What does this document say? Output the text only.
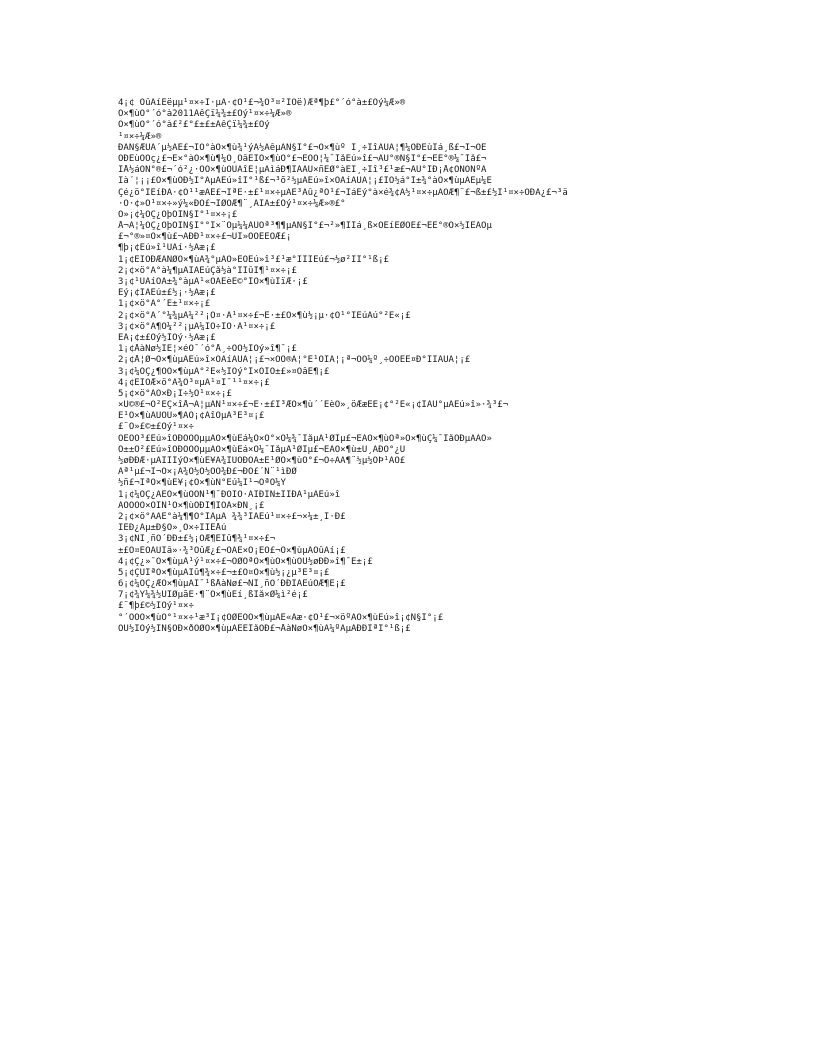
4¡¢ ÕûÀíÈëµµ¹¤×÷Ï·µÄ·¢Õ¹£¬¾Ò³¤²ÎÓë)Æª¶þ£°´ó°à±£Óý¼Æ»®
Ó×¶ùÔ°´ó°à2011ÄêÇï¼¾±£Óý¹¤×÷¼Æ»®
Ó×¶ùÔ°´ó°à£²£°£±£±ÄêÇï¼¾±£Óý
¹¤×÷¼Æ»®
ÐÂÑ§ÆÚÀ´µ½ÁË£¬ÎÒ°àÓ×¶ù¾¹ýÁ½ÄêµÄÑ§Ï°£¬Ó×¶ùº Í¸÷ÏîÄÜÁ¦¶¼ÓÐËùÌá¸ß£¬Ì¬ÒÉ
ÓÐËùÒÖç¿£¬Ë×°àÓ×¶ù¶¼Ò¸ÒâÈÎÓ×¶ùÔ°£¬ÈÕÓ¦¼¯ÌåÉú»î£¬ÄÜ°®Ñ§Ï°£¬ÈË°®¼¯Ìå£¬
ÍÅ½áÓÑ°®£¬´ó²¿·ÖÓ×¶ùÓÚÂîË¦µÄìáÐ¶ÏÂÄÜ×ñÊØ°àËÌ¸÷Ïî³£¹æ£¬ÄÜ°ÍÐ¡Å¢ÓÑÓÑºÃ
Ïà´¦¡¡£Ó×¶ùÓÐ½Ï°ÃµÄÉú»îÏ°¹ß£¬³õ²½µÄÉú»î×ÔÀíÄÜÁ¦¡£ÎÒ½á°Ï±¾°àÓ×¶ùµÄÊµ¼Ê
Çé¿ö°ÍÉíÐÄ·¢Õ¹¹æÂÉ£¬ÌªÈ·±£¹¤×÷µÄË³Àû¿ªÕ¹£¬ÌáÉý°à×é¾¢Á½¹¤×÷µÄÖÆ¶¨£¬ß±£½Ï¹¤×÷ÓÐÂ¿£¬³ä
·Ö·¢»Ó¹¤×÷»ý¼«ÐÔ£¬ÌØÖÆ¶¨¸ÃÏÄ±£Óý¹¤×÷¼Æ»®£°
Ò»¡¢¼ÓÇ¿ÕþÖÎÑ§Ï°¹¤×÷¡£
Å¬Á¦¼ÓÇ¿ÕþÖÎÑ§Ï°°Í×¨Òµ¼¼ÄÜÖª³¶¶µÄÑ§Ï°£¬²»¶ÏÌá¸ß×ÔÉíËØÖÊ£¬ÈÈ°®Ó×½ÌÊÂÒµ
£¬°®»¤Ó×¶ù£¬ÀÐÐ¹¤×÷£¬ÚÍ»ÓÒÈÊÖÆ£¡
¶þ¡¢Éú»î¹ÜÀí·½Ãæ¡£
1¡¢ËÍÓÐÆÀÑØÓ×¶ùÀ¾°µÄÒ»ÈÖÉú»î³£¹æ°ÍÍÌÉú£¬½ø²ÍÍ°¹ß¡£
2¡¢×ö°Ã°à¼¶µÄÌÀÉúÇå½à°ÍÍûÍ¶¹¤×÷¡£
3¡¢¹ÜÀíÕÃ±¾°àµÄ¹«ÓÃÉèÊ©°ÍÓ×¶ùÎïÆ·¡£
Èý¡¢ÎÀÉú±£½¡·½Ãæ¡£
1¡¢×ö°Ã°´Ê±¹¤×÷¡£
2¡¢×ö°Ã´°¼¾µÄ¼²²¡Ô¤·À¹¤×÷£¬È·±£Ó×¶ù½¡µ·¢Õ¹°ÍÉúÀú°²È«¡£
3¡¢×ö°Ã¶Õ¼²²¡µÄ¼ÌÓ÷ÏÕ·À¹¤×÷¡£
ËÄ¡¢±£Óý½ÌÓý·½Ãæ¡£
1¡¢ÅàÑø½ÌÊ¦×éÓ¯´ó°Å¸÷ÖÖ½ÌÓý»î¶¯¡£
2¡¢Å¦Ø¬Ó×¶ùµÄÉú»î×ÔÀíÄÜÁ¦¡£¬×ÓÕ®Á¦°Ê¹ÓÌÁ¦¡ª¬ÕÒ¼º¸÷ÖÖÊÈ¤Ð°ÍÎÄÜÁ¦¡£
3¡¢¼ÓÇ¿¶ÔÓ×¶ùµÄ°²È«½ÌÓý°Í×ÔÎÒ±£»¤ÒâÊ¶¡£
4¡¢ËÍÓÆ×ö°Ã¾Ò³¤µÄ¹¤Ï¯¹¹¤×÷¡£
5¡¢×ö°ÃÓ×Ð¡Ï÷½Ó¹¤×÷¡£
×Ü©®£¬Ò²ÊÇ×îÅ¬Á¦µÄÑ¹¤×÷£¬Ë·±£Î³ÆÓ×¶ù´´ÉèÒ»¸öÆæÊÊ¡¢°²È«¡¢ÎÂÜ°µÄÉú»î»·¾³£¬
Ê¹Ó×¶ùÄÜÔÚ»¶ÀÖ¡¢ÀîÒµÄ³Ë³¤¡£
£¨Ò»£©±£Óý¹¤×÷
ÓÊÕÒ³£Éú»îÖÐÒÔÒµµÄÓ×¶ùÉá¼Ó×Ó°×Ó¼¾¯ÌåµÄ¹ØÏµ£¬ÈÃÓ×¶ùÒª»Ó×¶ùÇ¼¯ÌåÒÐµÄÀÕ»
Ö±±Õ²£Éú»îÖÐÒÔÒµµÄÓ×¶ùÉá×Ó¼¯ÌåµÄ¹ØÏµ£¬ÈÃÓ×¶ù±Ú¸ÄÐÖ°¿Ú
½øÐÐÆ·µÂÌÏÌýÓ×¶ùÈ¥Ä¾ÏÙÓÐÓÂ±É¹ØÓ×¶ùÔ°£¬Ö÷ÂÀ¶¨½µ½ÕÞ¹ÁÔ£
Ãª¹µ£¬Ì¬Ó×¡Ä¾Ó½Ö½ÖÓ¾Ð£¬ÐÓ£´Ñ¨¹ìÐØ
½ñ£¬ÎªÓ×¶ùÈ¥¡¢Ó×¶ùÑ°Ëú¼Ï¹¬ÒªÔ¼Ý
1¡¢¼ÓÇ¿ÄÊÓ×¶ùÓÕÑ¹¶¯ÐÔÏÕ·ÀÍÐÏÑ±ÎÏÐÄ¹µÄÉú»î
ÂÔÓÖÓ×ÓÍÑ¹Ó×¶ùÓÐÍ¶ÍÓÀ×ÐÑ¸¡£
2¡¢×ö°ÃÄÊ°à¼¶¶Ô°ÍÁµÄ ¾¾³ÌÀÉú¹¤×÷£¬×¼±¸Í·Ð£
ÍÉÐ¿Ãµ±Ð§Ò»¸Ö×÷ÍÍËÅú
3¡¢ÑÏ¸ñÖ´ÐÐ±£½¡ÖÆ¶ÈÏû¶¾¹¤×÷£¬
±£Ö¤ÊÒÄÚÍâ»·¾³ÕûÆ¿£¬ÓÃÉ×Ó¡ÊÒ£¬Ó×¶ùµÄÕûÀí¡£
4¡¢Ç¿»¯Ó×¶ùµÄ¹ý¹¤×÷£¬ÖØÒªÓ×¶ùÓ×¶ùÔÚ½øÐÐ»î¶¯Ê±¡£
5¡¢ÇÚÎªÓ×¶ùµÄÏû¶¾×÷£¬±£Ö¤Ó×¶ù½¡¿µ³É³¤¡£
6¡¢¼ÓÇ¿ÆÓ×¶ùµÄÏ¯¹ßÅàÑø£¬ÑÏ¸ñÖ´ÐÐÎÀÉúÖÆ¶È¡£
7¡¢¾Ý¼¾½ÚÌØµãÈ·¶¨Ó×¶ùÉí¸ßÌå×Ø¼ì²é¡£
£¨¶þ£©½ÌÓý¹¤×÷
°´ÕÕÓ×¶ùÔ°¹¤×÷¹æ³Ì¡¢ÖØÊÓÓ×¶ùµÄÈ«Ãæ·¢Õ¹£¬×öºÃÓ×¶ùÉú»î¡¢Ñ§Ï°¡£
ÔÚ½ÌÓý½ÌÑ§ÖÐ×ðÖØÓ×¶ùµÄÈËÌåÖÐ£¬ÅàÑøÓ×¶ùÁ¼ºÃµÄÐÐÎªÏ°¹ß¡£
